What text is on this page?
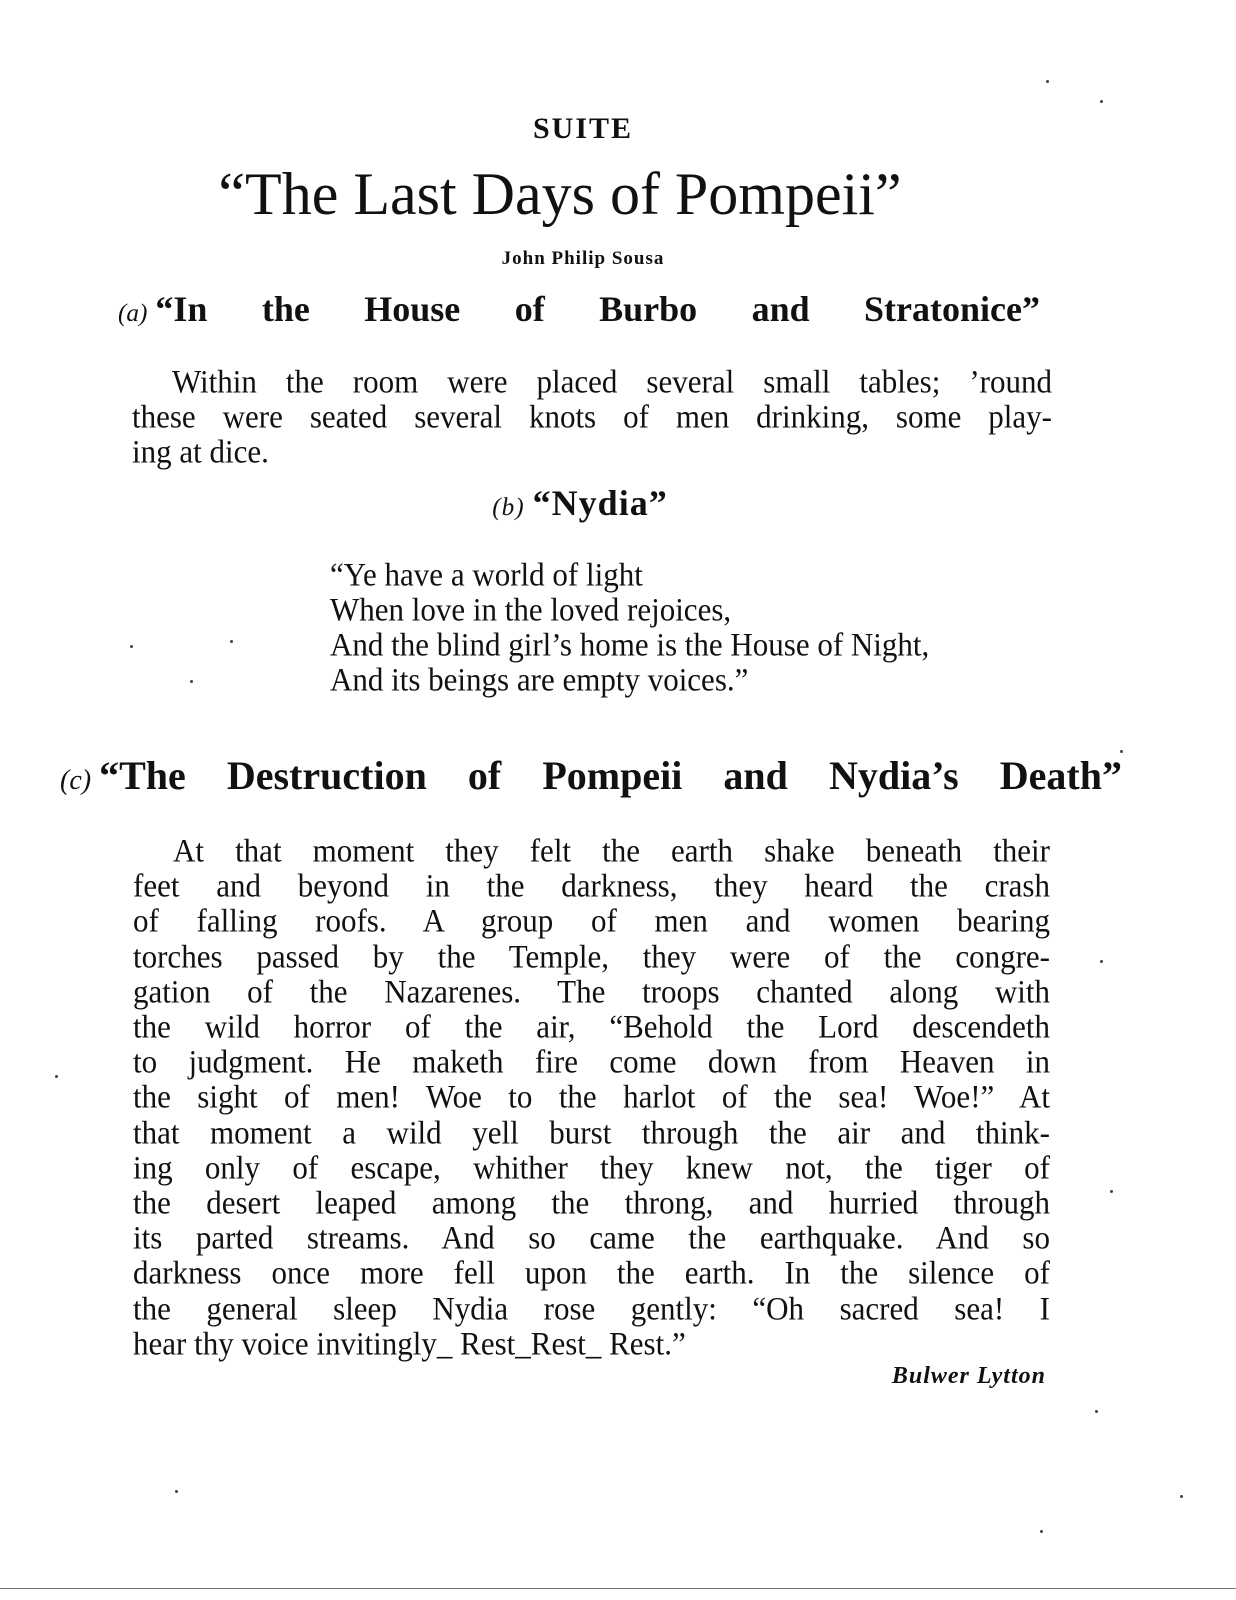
SUITE
“The Last Days of Pompeii”
John Philip Sousa
(a) “In the House of Burbo and Stratonice”
Within the room were placed several small tables; ’round
these were seated several knots of men drinking, some play-
ing at dice.
(b) “Nydia”
“Ye have a world of light
When love in the loved rejoices,
And the blind girl’s home is the House of Night,
And its beings are empty voices.”
(c) “The Destruction of Pompeii and Nydia’s Death”
At that moment they felt the earth shake beneath their
feet and beyond in the darkness, they heard the crash
of falling roofs. A group of men and women bearing
torches passed by the Temple, they were of the congre-
gation of the Nazarenes. The troops chanted along with
the wild horror of the air, “Behold the Lord descendeth
to judgment. He maketh fire come down from Heaven in
the sight of men! Woe to the harlot of the sea! Woe!” At
that moment a wild yell burst through the air and think-
ing only of escape, whither they knew not, the tiger of
the desert leaped among the throng, and hurried through
its parted streams. And so came the earthquake. And so
darkness once more fell upon the earth. In the silence of
the general sleep Nydia rose gently: “Oh sacred sea! I
hear thy voice invitingly_ Rest_Rest_ Rest.”
Bulwer Lytton
